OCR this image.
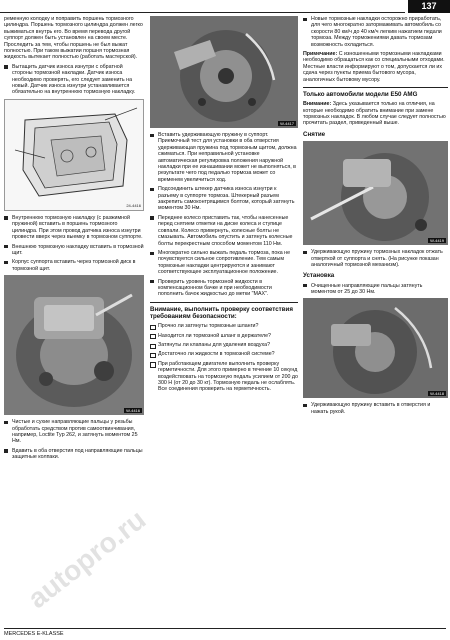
137

ременную колодку и поправить поршень тормозного цилиндра. Поршень тормозного цилиндра должен легко выжиматься внутрь его. Во время перевода другой суппорт должен быть установлен на своем месте. Проследить за тем, чтобы поршень не был выжат полностью. При таком выжатии поршня тормозная жидкость вытекает полностью (работать мастерской).

Вытащить датчик износа изнутри с обратной стороны тормозной накладки. Датчик износа необходимо проверять, его следует заменить на новый. Датчик износа изнутри устанавливается обязательно на внутреннюю тормозную накладку.
24-4416
Внутреннюю тормозную накладку (с разжимной пружиной) вставить в поршень тормозного цилиндра. При этом провод датчика износа изнутри провести вверх через выемку в тормозном суппорте.
Внешнюю тормозную накладку вставить в тормозной щит.
Корпус суппорта вставить через тормозной диск в тормозной щит.
W-4416
Чистые и сухие направляющие пальцы у резьбы обработать средством против самоотвинчивания, например, Loctite Typ 262, и затянуть моментом 25 Нм.
Вдавить в оба отверстия под направляющие пальцы защитные колпаки.
W-4417
Вставить удерживающую пружину в суппорт. Приемочный тест для установки в оба отверстия удерживающая пружина под тормозным щитом, должна сжиматься. При неправильной установке автоматическая регулировка положения наружной накладки при ее изнашивании может не выполняться, в результате чего под педалью тормоза может со временем увеличиться ход.
Подсоединить штекер датчика износа изнутри к разъему в суппорте тормоза. Штекерный разъем закрепить самоконтрящимся болтом, который затянуть моментом 30 Нм.
Переднее колесо приставить так, чтобы нанесенные перед снятием отметки на диске колеса и ступице совпали. Колесо привернуть, колесные болты не смазывать. Автомобиль опустить и затянуть колесные болты перекрестным способом моментом 110 Нм.
Многократно сильно выжать педаль тормоза, пока не почувствуется сильное сопротивление. Тем самым тормозные накладки центрируются и занимают соответствующее эксплуатационное положение.
Проверить уровень тормозной жидкости в компенсационном бачке и при необходимости пополнить бачок жидкостью до метки "MAX".
Внимание, выполнить проверку соответствия требованиям безопасности:
Прочно ли затянуты тормозные шланги?
Находится ли тормозной шланг в держателе?
Затянуты ли клапаны для удаления воздуха?
Достаточно ли жидкости в тормозной системе?
При работающем двигателе выполнить проверку герметичности. Для этого примерно в течение 10 секунд воздействовать на тормозную педаль усилием от 200 до 300 Н (от 20 до 30 кг). Тормозную педаль не ослаблять. Все соединения проверить на герметичность.
Новые тормозные накладки осторожно приработать, для чего многократно затормаживать автомобиль со скорости 80 км/ч до 40 км/ч легким нажатием педали тормоза. Между торможениями давать тормозам возможность охладиться.

Примечание: С изношенными тормозными накладками необходимо обращаться как со специальными отходами. Местные власти информируют о том, допускается ли их сдача через пункты приема бытового мусора, аналогичных бытовому мусору.

Только автомобили модели E50 AMG

Внимание: Здесь указывается только на отличия, на которые необходимо обратить внимание при замене тормозных накладок. В любом случае следует полностью прочитать раздел, приведенный выше.

Снятие
W-4419
Удерживающую пружину тормозных накладок отжать отверткой от суппорта и снять. (На рисунке показан аналогичный тормозной механизм).
Установка
Очищенные направляющие пальцы затянуть моментом от 25 до 30 Нм.
W-4418
Удерживающую пружину вставить в отверстия и нажать рукой.
autopro.ru
MERCEDES E-KLASSE
